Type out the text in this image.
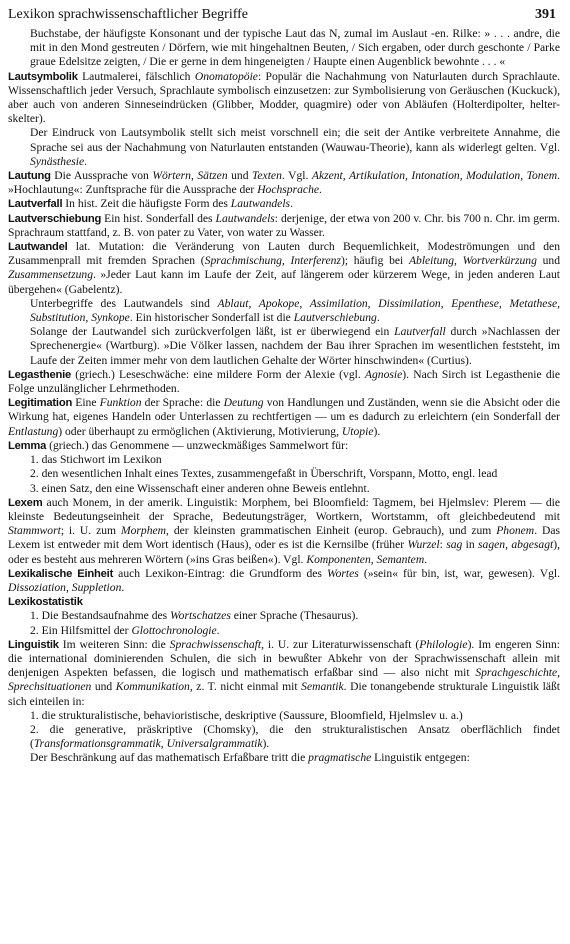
Lexikon sprachwissenschaftlicher Begriffe	391

Buchstabe, der häufigste Konsonant und der typische Laut das N, zumal im Auslaut -en. Rilke: » . . . andre, die mit in den Mond gestreuten / Dörfern, wie mit hingehaltnen Beuten, / Sich ergaben, oder durch geschonte / Parke graue Edelsitze zeigten, / Die er gerne in dem hingeneigten / Haupte einen Augenblick bewohnte . . . «

Lautsymbolik Lautmalerei, fälschlich Onomatopöie: Populär die Nachahmung von Naturlauten durch Sprachlaute. Wissenschaftlich jeder Versuch, Sprachlaute symbolisch einzusetzen: zur Symbolisierung von Geräuschen (Kuckuck), aber auch von anderen Sinneseindrücken (Glibber, Modder, quagmire) oder von Abläufen (Holterdipolter, helter-skelter).

Der Eindruck von Lautsymbolik stellt sich meist vorschnell ein; die seit der Antike verbreitete Annahme, die Sprache sei aus der Nachahmung von Naturlauten entstanden (Wauwau-Theorie), kann als widerlegt gelten. Vgl. Synästhesie.

Lautung Die Aussprache von Wörtern, Sätzen und Texten. Vgl. Akzent, Artikulation, Intonation, Modulation, Tonem. »Hochlautung«: Zunftsprache für die Aussprache der Hochsprache.

Lautverfall In hist. Zeit die häufigste Form des Lautwandels.

Lautverschiebung Ein hist. Sonderfall des Lautwandels: derjenige, der etwa von 200 v. Chr. bis 700 n. Chr. im germ. Sprachraum stattfand, z. B. von pater zu Vater, von water zu Wasser.

Lautwandel lat. Mutation: die Veränderung von Lauten durch Bequemlichkeit, Modeströmungen und den Zusammenprall mit fremden Sprachen (Sprachmischung, Interferenz); häufig bei Ableitung, Wortverkürzung und Zusammensetzung. »Jeder Laut kann im Laufe der Zeit, auf längerem oder kürzerem Wege, in jeden anderen Laut übergehen« (Gabelentz).

Unterbegriffe des Lautwandels sind Ablaut, Apokope, Assimilation, Dissimilation, Epenthese, Metathese, Substitution, Synkope. Ein historischer Sonderfall ist die Lautverschiebung.

Solange der Lautwandel sich zurückverfolgen läßt, ist er überwiegend ein Lautverfall durch »Nachlassen der Sprechenergie« (Wartburg). »Die Völker lassen, nachdem der Bau ihrer Sprachen im wesentlichen feststeht, im Laufe der Zeiten immer mehr von dem lautlichen Gehalte der Wörter hinschwinden« (Curtius).

Legasthenie (griech.) Leseschwäche: eine mildere Form der Alexie (vgl. Agnosie). Nach Sirch ist Legasthenie die Folge unzulänglicher Lehrmethoden.

Legitimation Eine Funktion der Sprache: die Deutung von Handlungen und Zuständen, wenn sie die Absicht oder die Wirkung hat, eigenes Handeln oder Unterlassen zu rechtfertigen — um es dadurch zu erleichtern (ein Sonderfall der Entlastung) oder überhaupt zu ermöglichen (Aktivierung, Motivierung, Utopie).

Lemma (griech.) das Genommene — unzweckmäßiges Sammelwort für:

1. das Stichwort im Lexikon

2. den wesentlichen Inhalt eines Textes, zusammengefaßt in Überschrift, Vorspann, Motto, engl. lead

3. einen Satz, den eine Wissenschaft einer anderen ohne Beweis entlehnt.

Lexem auch Monem, in der amerik. Linguistik: Morphem, bei Bloomfield: Tagmem, bei Hjelmslev: Plerem — die kleinste Bedeutungseinheit der Sprache, Bedeutungsträger, Wortkern, Wortstamm, oft gleichbedeutend mit Stammwort; i. U. zum Morphem, der kleinsten grammatischen Einheit (europ. Gebrauch), und zum Phonem. Das Lexem ist entweder mit dem Wort identisch (Haus), oder es ist die Kernsilbe (früher Wurzel: sag in sagen, abgesagt), oder es besteht aus mehreren Wörtern (»ins Gras beißen«). Vgl. Komponenten, Semantem.

Lexikalische Einheit auch Lexikon-Eintrag: die Grundform des Wortes (»sein« für bin, ist, war, gewesen). Vgl. Dissoziation, Suppletion.

Lexikostatistik

1. Die Bestandsaufnahme des Wortschatzes einer Sprache (Thesaurus).

2. Ein Hilfsmittel der Glottochronologie.

Linguistik Im weiteren Sinn: die Sprachwissenschaft, i. U. zur Literaturwissenschaft (Philologie). Im engeren Sinn: die international dominierenden Schulen, die sich in bewußter Abkehr von der Sprachwissenschaft allein mit denjenigen Aspekten befassen, die logisch und mathematisch erfaßbar sind — also nicht mit Sprachgeschichte, Sprechsituationen und Kommunikation, z. T. nicht einmal mit Semantik. Die tonangebende strukturale Linguistik läßt sich einteilen in:

1. die strukturalistische, behavioristische, deskriptive (Saussure, Bloomfield, Hjelmslev u. a.)

2. die generative, präskriptive (Chomsky), die den strukturalistischen Ansatz oberflächlich findet (Transformationsgrammatik, Universalgrammatik).

Der Beschränkung auf das mathematisch Erfaßbare tritt die pragmatische Linguistik entgegen:
